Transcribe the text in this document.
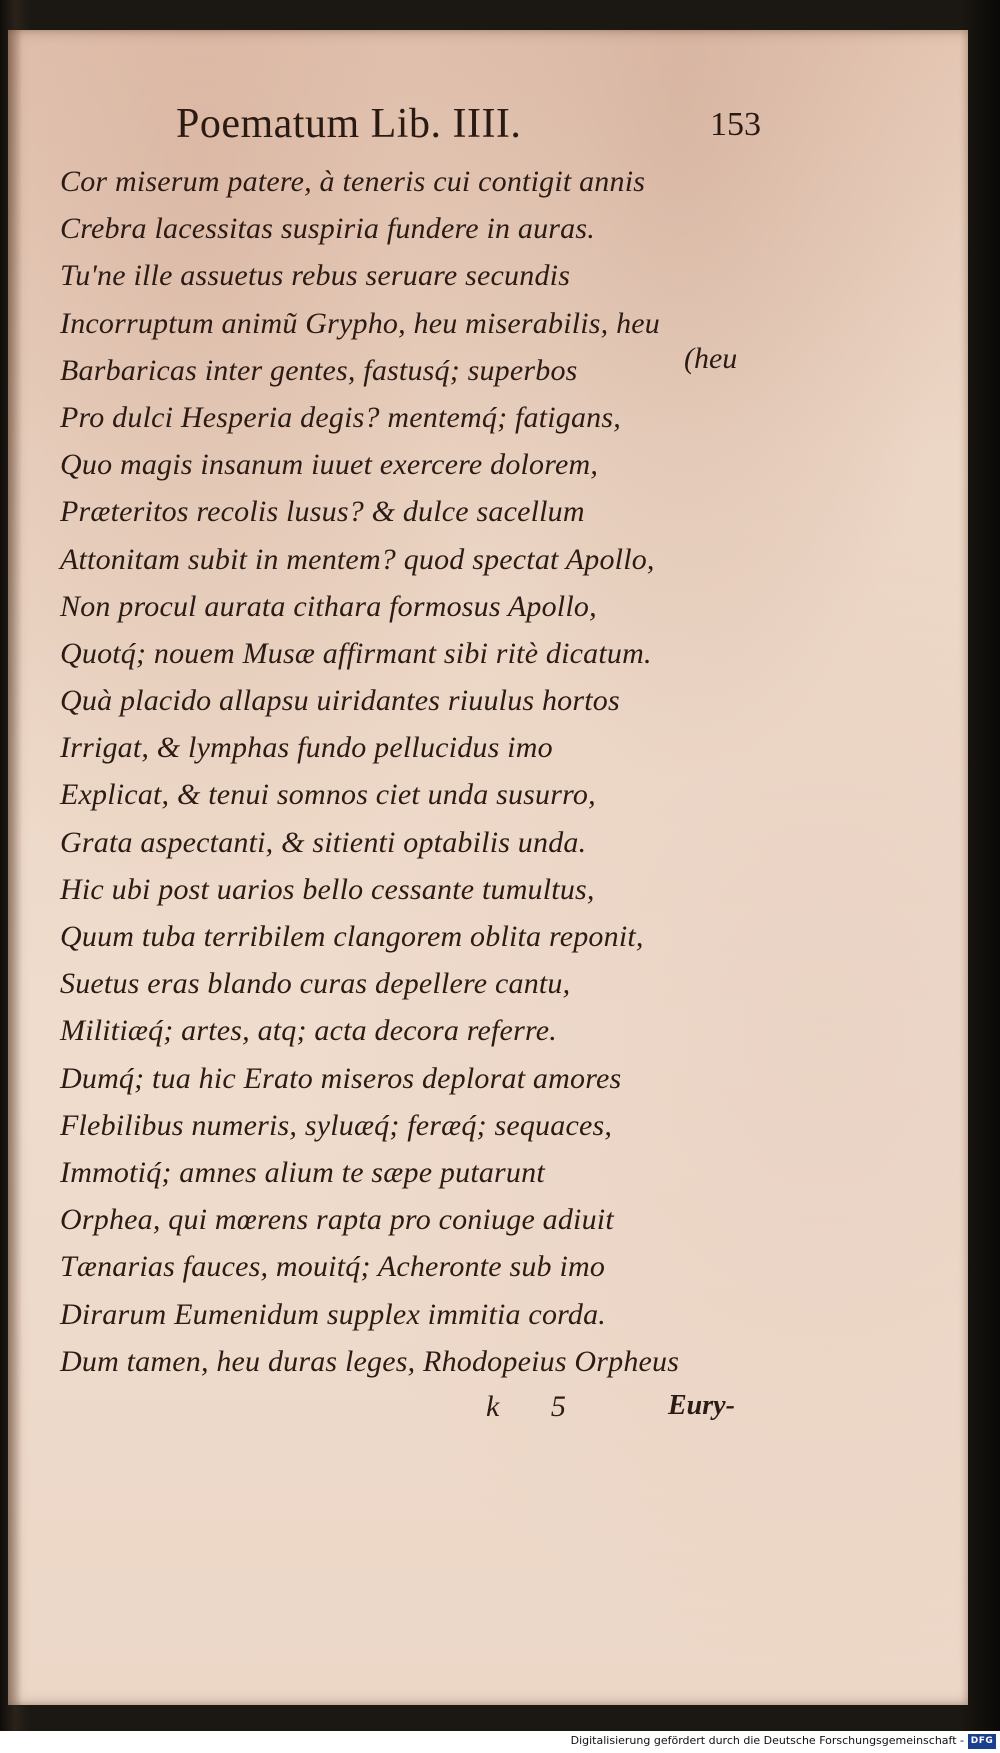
Poematum Lib. IIII.	153
Cor miserum patere, à teneris cui contigit annis
Crebra lacessitas suspiria fundere in auras.
Tu'ne ille assuetus rebus seruare secundis
Incorruptum animũ Grypho, heu miserabilis, heu
Barbaricas inter gentes, fastusq́; superbos
Pro dulci Hesperia degis? mentemq́; fatigans,
Quo magis insanum iuuet exercere dolorem,
Præteritos recolis lusus? & dulce sacellum
Attonitam subit in mentem? quod spectat Apollo,
Non procul aurata cithara formosus Apollo,
Quotq́; nouem Musæ affirmant sibi ritè dicatum.
Quà placido allapsu uiridantes riuulus hortos
Irrigat, & lymphas fundo pellucidus imo
Explicat, & tenui somnos ciet unda susurro,
Grata aspectanti, & sitienti optabilis unda.
Hic ubi post uarios bello cessante tumultus,
Quum tuba terribilem clangorem oblita reponit,
Suetus eras blando curas depellere cantu,
Militiæq́; artes, atq; acta decora referre.
Dumq́; tua hic Erato miseros deplorat amores
Flebilibus numeris, syluæq́; feræq́; sequaces,
Immotiq́; amnes alium te sæpe putarunt
Orphea, qui mœrens rapta pro coniuge adiuit
Tænarias fauces, mouitq́; Acheronte sub imo
Dirarum Eumenidum supplex immitia corda.
Dum tamen, heu duras leges, Rhodopeius Orpheus
(heu
k 5	Eury-
Digitalisierung gefördert durch die Deutsche Forschungsgemeinschaft - DFG
